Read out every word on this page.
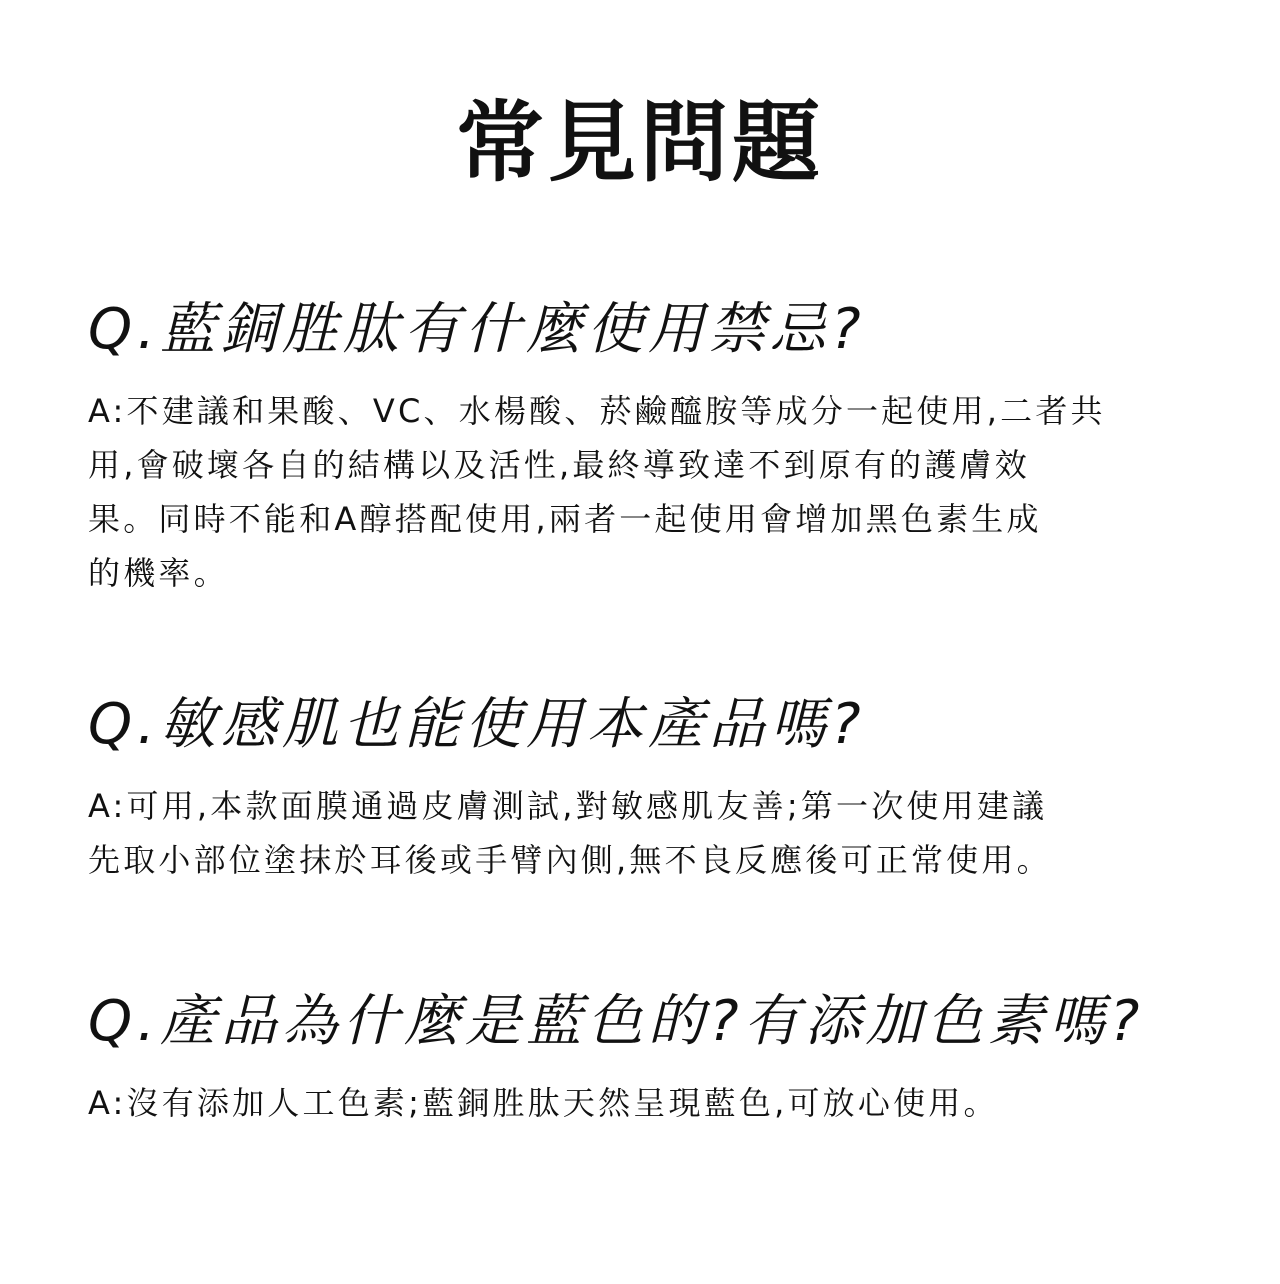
常見問題
Q.藍銅胜肽有什麼使用禁忌?
A:不建議和果酸、VC、水楊酸、菸鹼醯胺等成分一起使用,二者共
用,會破壞各自的結構以及活性,最終導致達不到原有的護膚效
果。同時不能和A醇搭配使用,兩者一起使用會增加黑色素生成
的機率。
Q.敏感肌也能使用本產品嗎?
A:可用,本款面膜通過皮膚測試,對敏感肌友善;第一次使用建議
先取小部位塗抹於耳後或手臂內側,無不良反應後可正常使用。
Q.產品為什麼是藍色的?有添加色素嗎?
A:沒有添加人工色素;藍銅胜肽天然呈現藍色,可放心使用。
